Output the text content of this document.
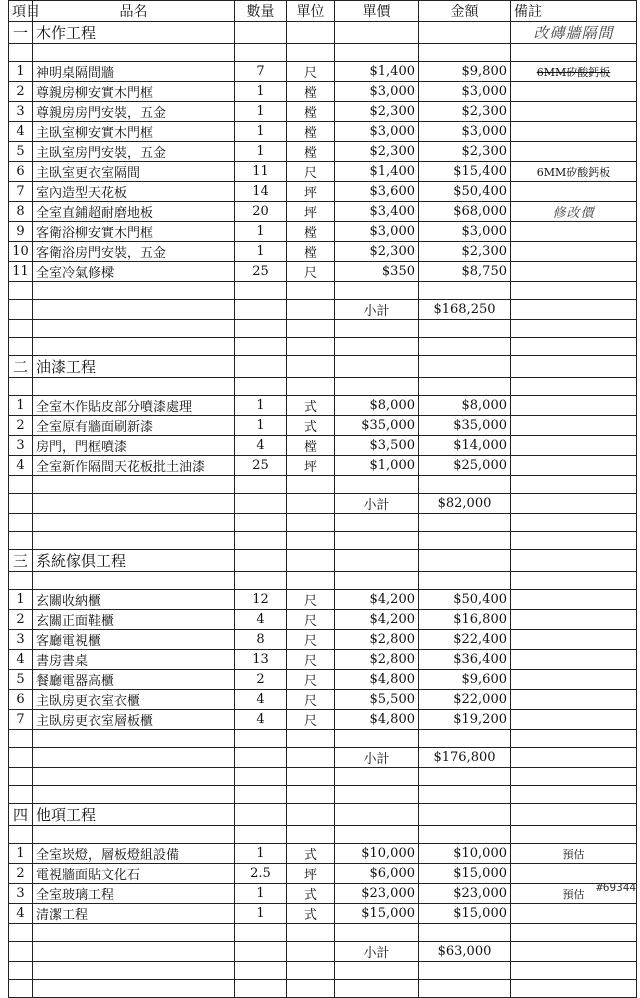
項目	品名	數量	單位	單價	金額	備註
一	木作工程					改磚牆隔間

1	神明桌隔間牆	7	尺	$1,400	$9,800	6MM矽酸鈣板
2	尊親房柳安實木門框	1	樘	$3,000	$3,000	
3	尊親房房門安裝，五金	1	樘	$2,300	$2,300	
4	主臥室柳安實木門框	1	樘	$3,000	$3,000	
5	主臥室房門安裝，五金	1	樘	$2,300	$2,300	
6	主臥室更衣室隔間	11	尺	$1,400	$15,400	6MM矽酸鈣板
7	室內造型天花板	14	坪	$3,600	$50,400	
8	全室直鋪超耐磨地板	20	坪	$3,400	$68,000	修改價
9	客衛浴柳安實木門框	1	樘	$3,000	$3,000	
10	客衛浴房門安裝，五金	1	樘	$2,300	$2,300	
11	全室冷氣修樑	25	尺	$350	$8,750	

				小計	$168,250	

二	油漆工程					

1	全室木作貼皮部分噴漆處理	1	式	$8,000	$8,000	
2	全室原有牆面刷新漆	1	式	$35,000	$35,000	
3	房門，門框噴漆	4	樘	$3,500	$14,000	
4	全室新作隔間天花板批土油漆	25	坪	$1,000	$25,000	

				小計	$82,000	

三	系統傢俱工程					

1	玄關收納櫃	12	尺	$4,200	$50,400	
2	玄關正面鞋櫃	4	尺	$4,200	$16,800	
3	客廳電視櫃	8	尺	$2,800	$22,400	
4	書房書桌	13	尺	$2,800	$36,400	
5	餐廳電器高櫃	2	尺	$4,800	$9,600	
6	主臥房更衣室衣櫃	4	尺	$5,500	$22,000	
7	主臥房更衣室層板櫃	4	尺	$4,800	$19,200	

				小計	$176,800	

四	他項工程					

1	全室崁燈，層板燈組設備	1	式	$10,000	$10,000	預估
2	電視牆面貼文化石	2.5	坪	$6,000	$15,000	
3	全室玻璃工程	1	式	$23,000	$23,000	預估
4	清潔工程	1	式	$15,000	$15,000	

				小計	$63,000	

#69344
